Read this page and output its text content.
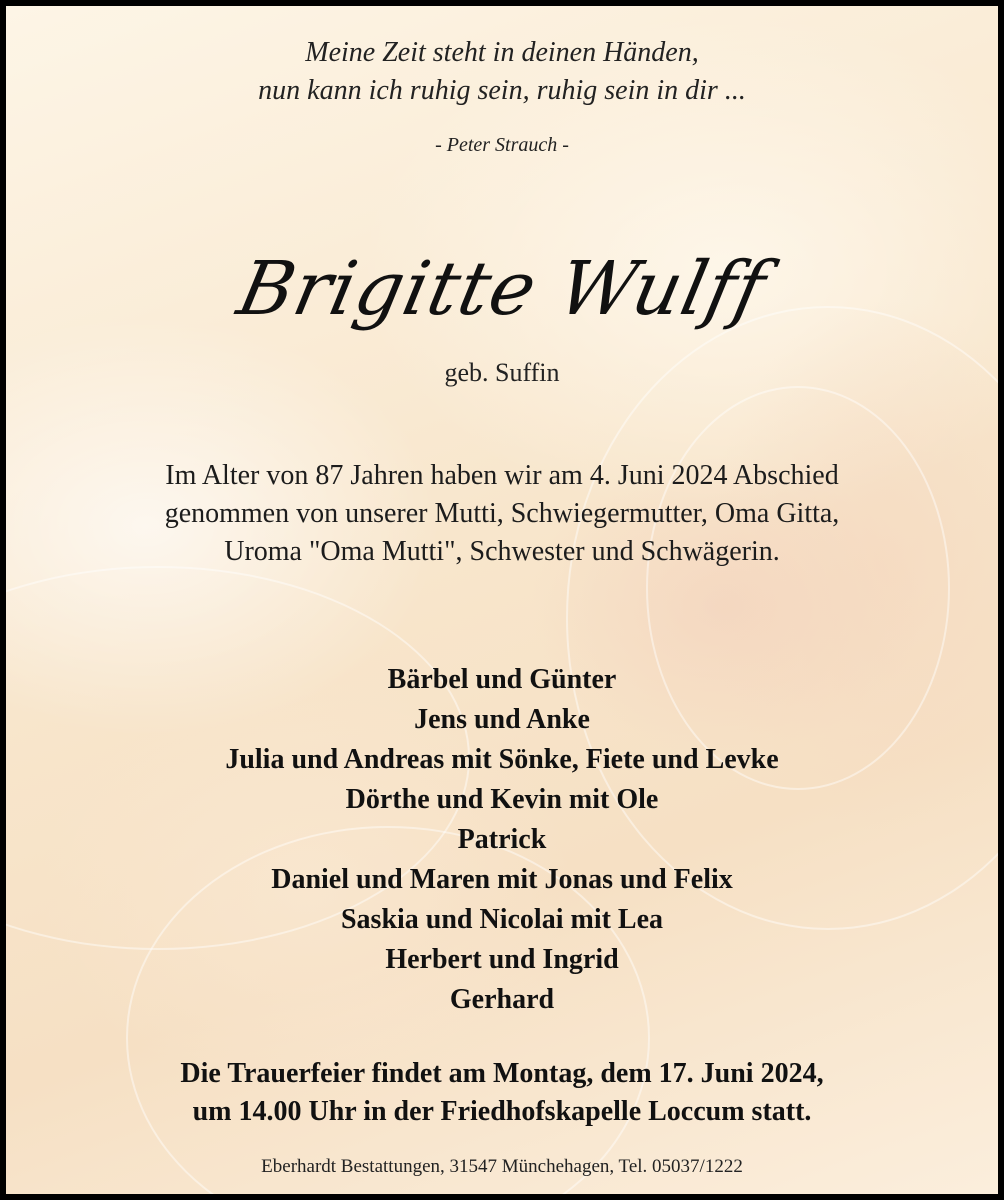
Meine Zeit steht in deinen Händen,
nun kann ich ruhig sein, ruhig sein in dir ...
- Peter Strauch -
Brigitte Wulff
geb. Suffin
Im Alter von 87 Jahren haben wir am 4. Juni 2024 Abschied
genommen von unserer Mutti, Schwiegermutter, Oma Gitta,
Uroma "Oma Mutti", Schwester und Schwägerin.
Bärbel und Günter
Jens und Anke
Julia und Andreas mit Sönke, Fiete und Levke
Dörthe und Kevin mit Ole
Patrick
Daniel und Maren mit Jonas und Felix
Saskia und Nicolai mit Lea
Herbert und Ingrid
Gerhard
Die Trauerfeier findet am Montag, dem 17. Juni 2024,
um 14.00 Uhr in der Friedhofskapelle Loccum statt.
Eberhardt Bestattungen, 31547 Münchehagen, Tel. 05037/1222
